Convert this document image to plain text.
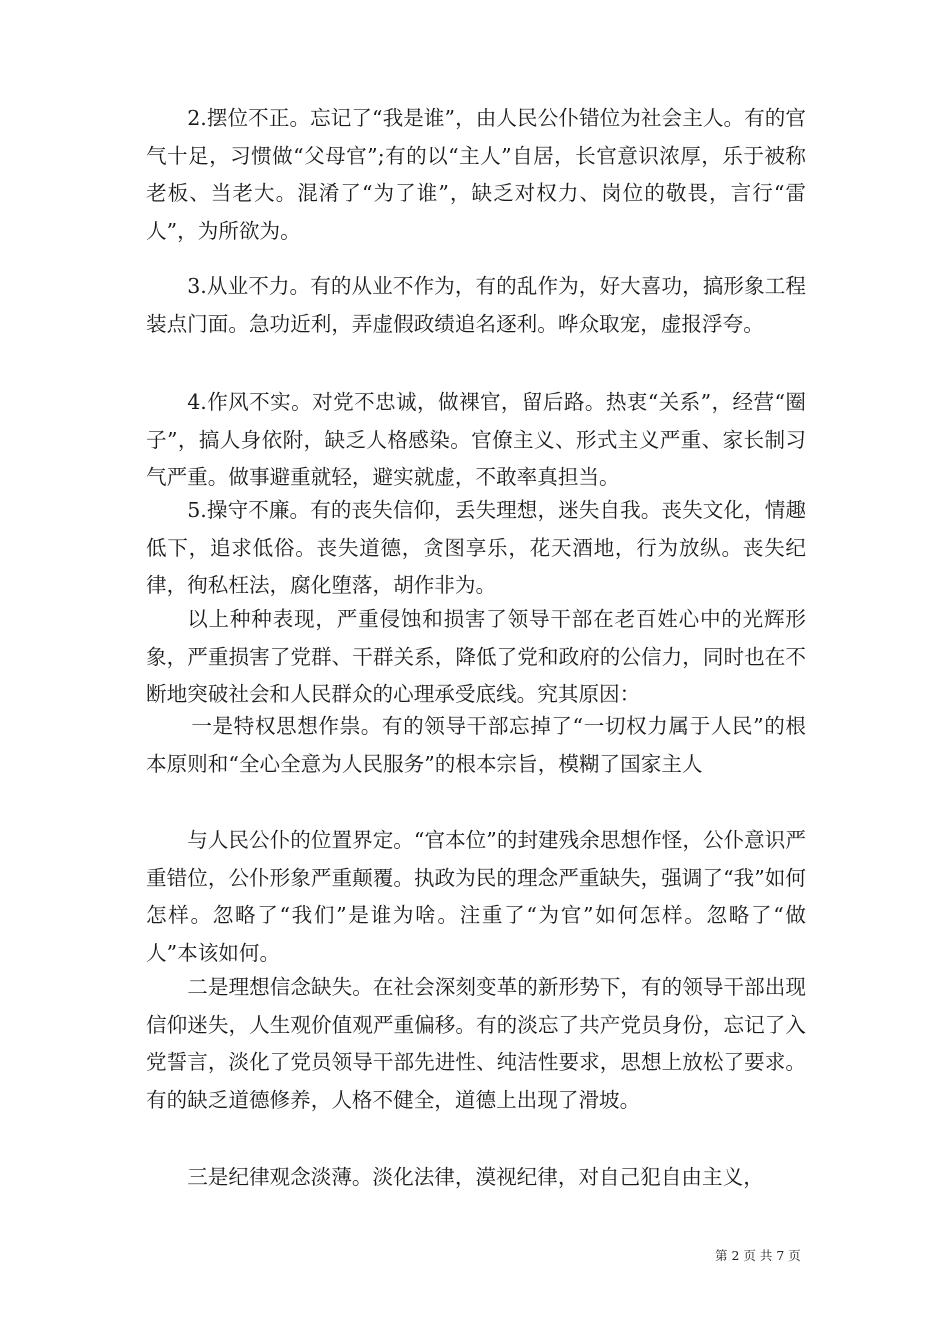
2.摆位不正。忘记了“我是谁”，由人民公仆错位为社会主人。有的官气十足，习惯做“父母官”;有的以“主人”自居，长官意识浓厚，乐于被称老板、当老大。混淆了“为了谁”，缺乏对权力、岗位的敬畏，言行“雷人”，为所欲为。

3.从业不力。有的从业不作为，有的乱作为，好大喜功，搞形象工程装点门面。急功近利，弄虚假政绩追名逐利。哗众取宠，虚报浮夸。

4.作风不实。对党不忠诚，做裸官，留后路。热衷“关系”，经营“圈子”，搞人身依附，缺乏人格感染。官僚主义、形式主义严重、家长制习气严重。做事避重就轻，避实就虚，不敢率真担当。

5.操守不廉。有的丧失信仰，丢失理想，迷失自我。丧失文化，情趣低下，追求低俗。丧失道德，贪图享乐，花天酒地，行为放纵。丧失纪律，徇私枉法，腐化堕落，胡作非为。

以上种种表现，严重侵蚀和损害了领导干部在老百姓心中的光辉形象，严重损害了党群、干群关系，降低了党和政府的公信力，同时也在不断地突破社会和人民群众的心理承受底线。究其原因：

一是特权思想作祟。有的领导干部忘掉了“一切权力属于人民”的根本原则和“全心全意为人民服务”的根本宗旨，模糊了国家主人

与人民公仆的位置界定。“官本位”的封建残余思想作怪，公仆意识严重错位，公仆形象严重颠覆。执政为民的理念严重缺失，强调了“我”如何怎样。忽略了“我们”是谁为啥。注重了“为官”如何怎样。忽略了“做人”本该如何。

二是理想信念缺失。在社会深刻变革的新形势下，有的领导干部出现信仰迷失，人生观价值观严重偏移。有的淡忘了共产党员身份，忘记了入党誓言，淡化了党员领导干部先进性、纯洁性要求，思想上放松了要求。有的缺乏道德修养，人格不健全，道德上出现了滑坡。

三是纪律观念淡薄。淡化法律，漠视纪律，对自己犯自由主义，

第 2 页 共 7 页
